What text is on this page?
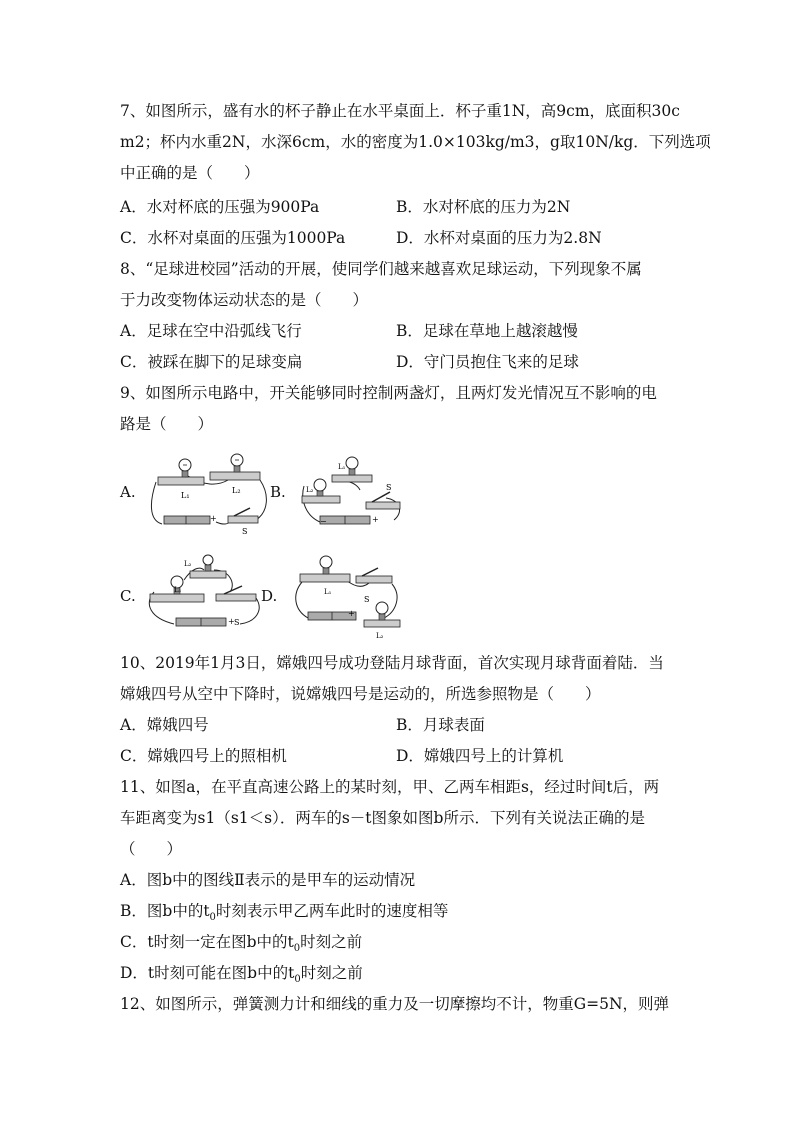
7、如图所示，盛有水的杯子静止在水平桌面上．杯子重1N，高9cm，底面积30c
m2；杯内水重2N，水深6cm，水的密度为1.0×103kg/m3，g取10N/kg．下列选项
中正确的是（　　）
A．水对杯底的压强为900Pa	B．水对杯底的压力为2N
C．水杯对桌面的压强为1000Pa	D．水杯对桌面的压力为2.8N
8、“足球进校园”活动的开展，使同学们越来越喜欢足球运动，下列现象不属
于力改变物体运动状态的是（　　）
A．足球在空中沿弧线飞行	B．足球在草地上越滚越慢
C．被踩在脚下的足球变扁	D．守门员抱住飞来的足球
9、如图所示电路中，开关能够同时控制两盏灯，且两灯发光情况互不影响的电
路是（　　）
A.	B.
C.	D.
L₁
L₂
+
S
L₁
L₂	S
−	+
L₂
L₁
+ S
L₁
+
S
L₂
10、2019年1月3日，嫦娥四号成功登陆月球背面，首次实现月球背面着陆．当
嫦娥四号从空中下降时，说嫦娥四号是运动的，所选参照物是（　　）
A．嫦娥四号	B．月球表面
C．嫦娥四号上的照相机	D．嫦娥四号上的计算机
11、如图a，在平直高速公路上的某时刻，甲、乙两车相距s，经过时间t后，两
车距离变为s1（s1＜s）．两车的s－t图象如图b所示．下列有关说法正确的是
（　　）
A．图b中的图线Ⅱ表示的是甲车的运动情况
B．图b中的$t_0$时刻表示甲乙两车此时的速度相等
C．t时刻一定在图b中的$t_0$时刻之前
D．t时刻可能在图b中的$t_0$时刻之前
12、如图所示，弹簧测力计和细线的重力及一切摩擦均不计，物重G=5N，则弹
